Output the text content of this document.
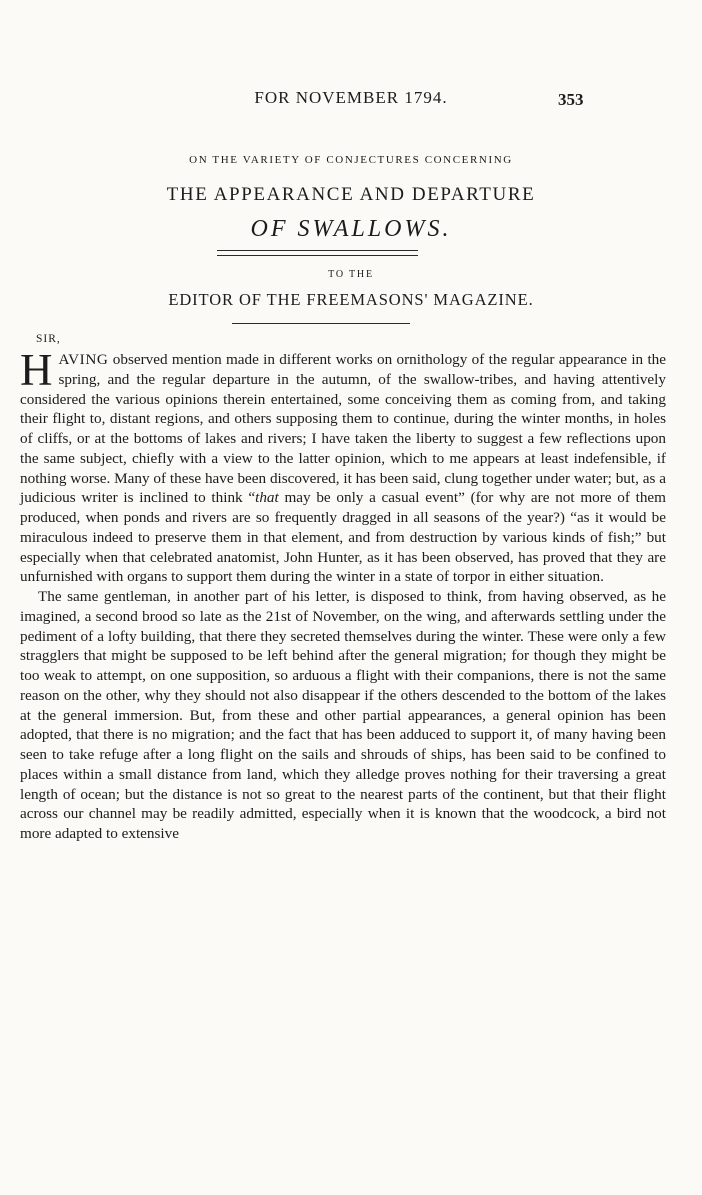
FOR NOVEMBER 1794.	353
ON THE VARIETY OF CONJECTURES CONCERNING
THE APPEARANCE AND DEPARTURE
OF SWALLOWS.
TO THE
EDITOR OF THE FREEMASONS' MAGAZINE.
SIR,

HAVING observed mention made in different works on ornithology of the regular appearance in the spring, and the regular departure in the autumn, of the swallow-tribes, and having attentively considered the various opinions therein entertained, some conceiving them as coming from, and taking their flight to, distant regions, and others supposing them to continue, during the winter months, in holes of cliffs, or at the bottoms of lakes and rivers; I have taken the liberty to suggest a few reflections upon the same subject, chiefly with a view to the latter opinion, which to me appears at least indefensible, if nothing worse. Many of these have been discovered, it has been said, clung together under water; but, as a judicious writer is inclined to think “that may be only a casual event” (for why are not more of them produced, when ponds and rivers are so frequently dragged in all seasons of the year?) “as it would be miraculous indeed to preserve them in that element, and from destruction by various kinds of fish;” but especially when that celebrated anatomist, John Hunter, as it has been observed, has proved that they are unfurnished with organs to support them during the winter in a state of torpor in either situation.

The same gentleman, in another part of his letter, is disposed to think, from having observed, as he imagined, a second brood so late as the 21st of November, on the wing, and afterwards settling under the pediment of a lofty building, that there they secreted themselves during the winter. These were only a few stragglers that might be supposed to be left behind after the general migration; for though they might be too weak to attempt, on one supposition, so arduous a flight with their companions, there is not the same reason on the other, why they should not also disappear if the others descended to the bottom of the lakes at the general immersion. But, from these and other partial appearances, a general opinion has been adopted, that there is no migration; and the fact that has been adduced to support it, of many having been seen to take refuge after a long flight on the sails and shrouds of ships, has been said to be confined to places within a small distance from land, which they alledge proves nothing for their traversing a great length of ocean; but the distance is not so great to the nearest parts of the continent, but that their flight across our channel may be readily admitted, especially when it is known that the woodcock, a bird not more adapted to extensive
